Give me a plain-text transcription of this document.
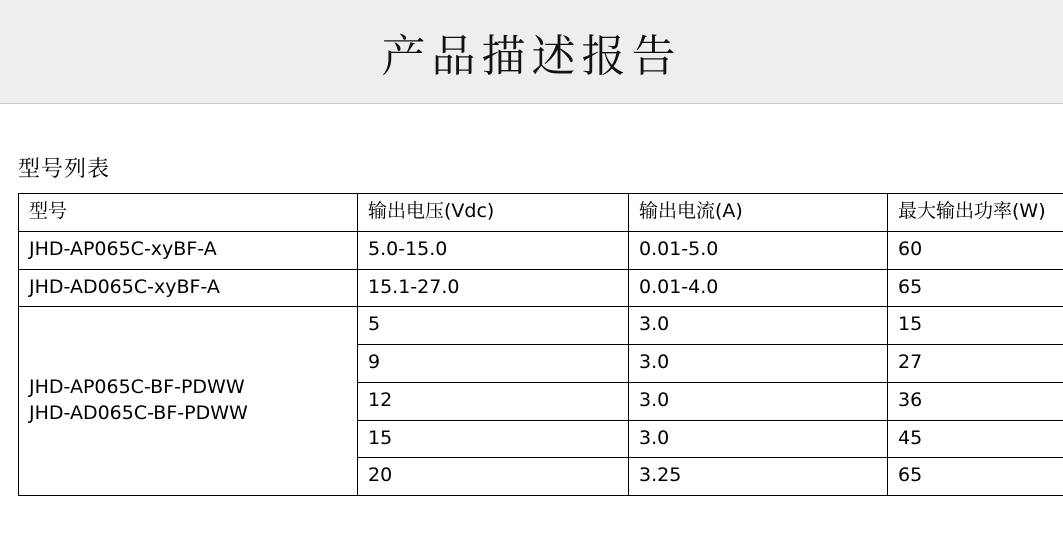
产品描述报告
型号列表
型号	输出电压(Vdc)	输出电流(A)	最大输出功率(W)
JHD-AP065C-xyBF-A	5.0-15.0	0.01-5.0	60
JHD-AD065C-xyBF-A	15.1-27.0	0.01-4.0	65

JHD-AP065C-BF-PDWW
JHD-AD065C-BF-PDWW	5	3.0	15
	9	3.0	27
	12	3.0	36
	15	3.0	45
	20	3.25	65
